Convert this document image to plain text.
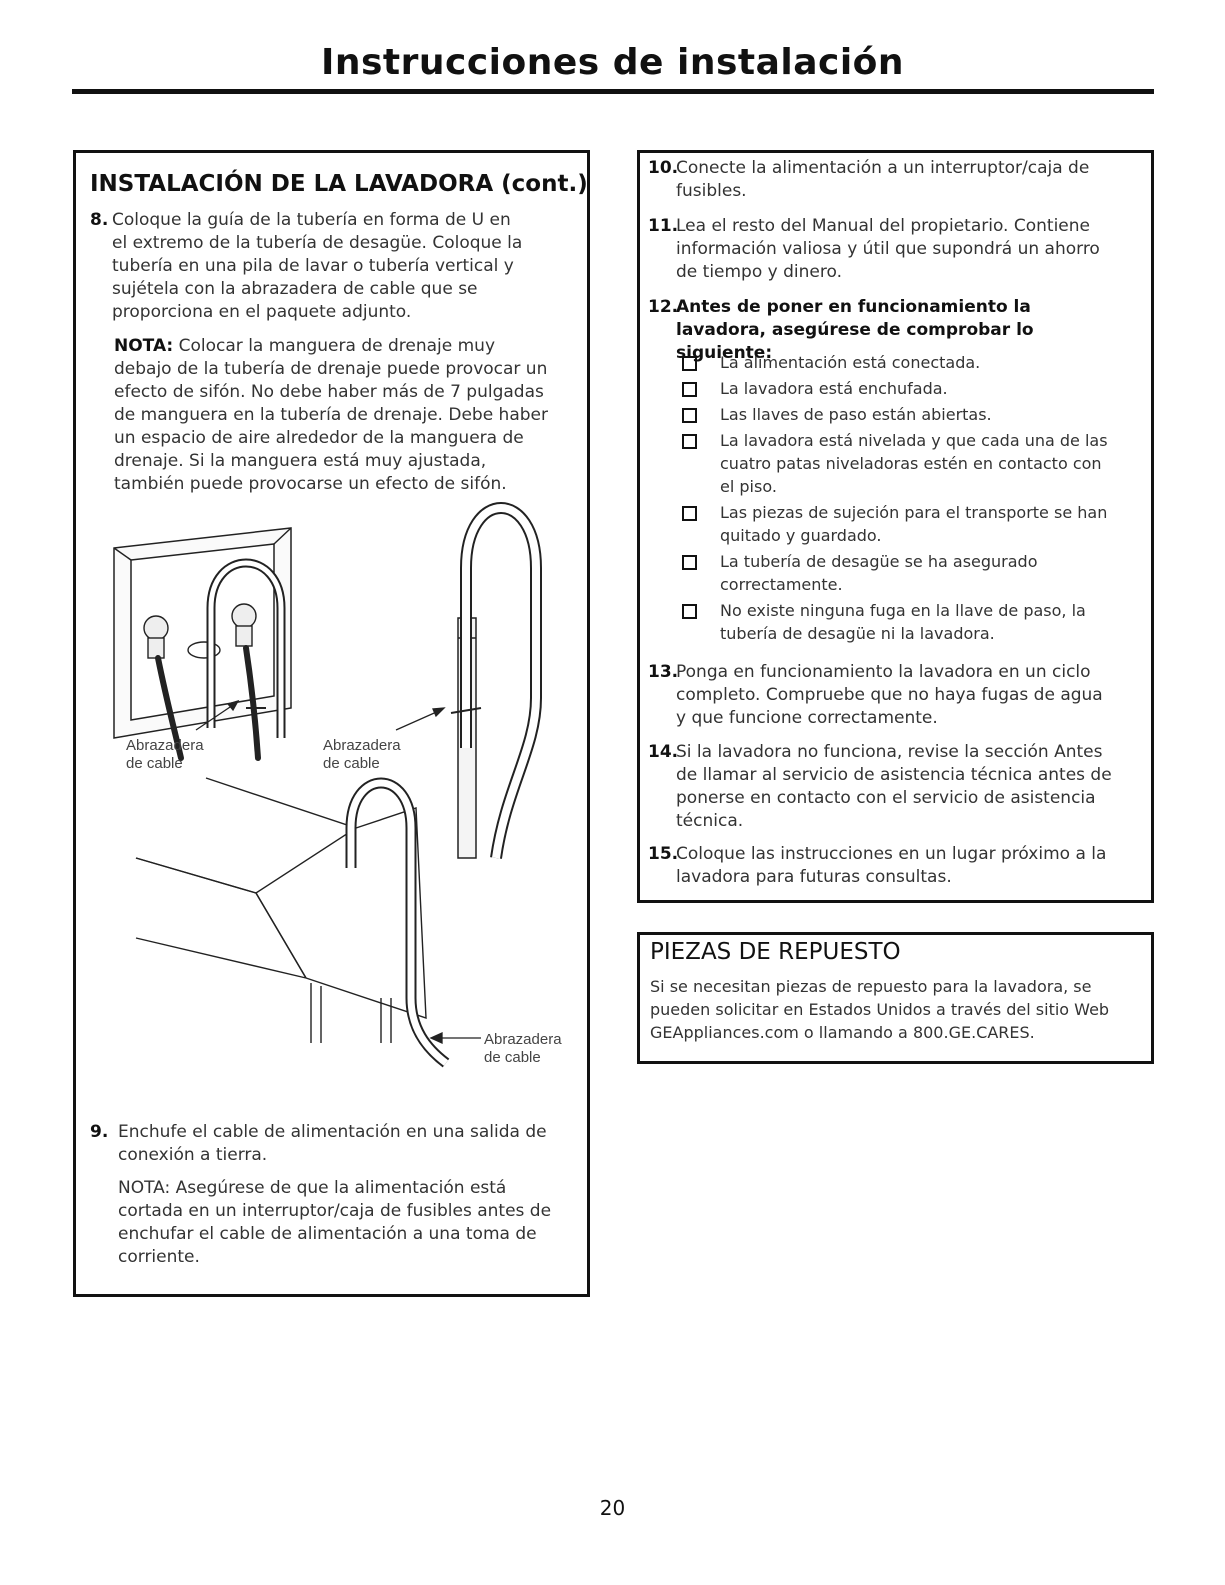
Instrucciones de instalación
INSTALACIÓN DE LA LAVADORA (cont.)
8. Coloque la guía de la tubería en forma de U en el extremo de la tubería de desagüe. Coloque la tubería en una pila de lavar o tubería vertical y sujétela con la abrazadera de cable que se proporciona en el paquete adjunto.
NOTA: Colocar la manguera de drenaje muy debajo de la tubería de drenaje puede provocar un efecto de sifón. No debe haber más de 7 pulgadas de manguera en la tubería de drenaje. Debe haber un espacio de aire alrededor de la manguera de drenaje. Si la manguera está muy ajustada, también puede provocarse un efecto de sifón.
Abrazadera
de cable
Abrazadera
de cable
Abrazadera
de cable
9. Enchufe el cable de alimentación en una salida de conexión a tierra.
NOTA: Asegúrese de que la alimentación está cortada en un interruptor/caja de fusibles antes de enchufar el cable de alimentación a una toma de corriente.
10.
Conecte la alimentación a un interruptor/caja de fusibles.
11.
Lea el resto del Manual del propietario. Contiene información valiosa y útil que supondrá un ahorro de tiempo y dinero.
12.
Antes de poner en funcionamiento la lavadora, asegúrese de comprobar lo siguiente:
La alimentación está conectada.
La lavadora está enchufada.
Las llaves de paso están abiertas.
La lavadora está nivelada y que cada una de las cuatro patas niveladoras estén en contacto con el piso.
Las piezas de sujeción para el transporte se han quitado y guardado.
La tubería de desagüe se ha asegurado correctamente.
No existe ninguna fuga en la llave de paso, la tubería de desagüe ni la lavadora.
13.
Ponga en funcionamiento la lavadora en un ciclo completo. Compruebe que no haya fugas de agua y que funcione correctamente.
14.
Si la lavadora no funciona, revise la sección Antes de llamar al servicio de asistencia técnica antes de ponerse en contacto con el servicio de asistencia técnica.
15.
Coloque las instrucciones en un lugar próximo a la lavadora para futuras consultas.
PIEZAS DE REPUESTO
Si se necesitan piezas de repuesto para la lavadora, se pueden solicitar en Estados Unidos a través del sitio Web GEAppliances.com o llamando a 800.GE.CARES.
20
